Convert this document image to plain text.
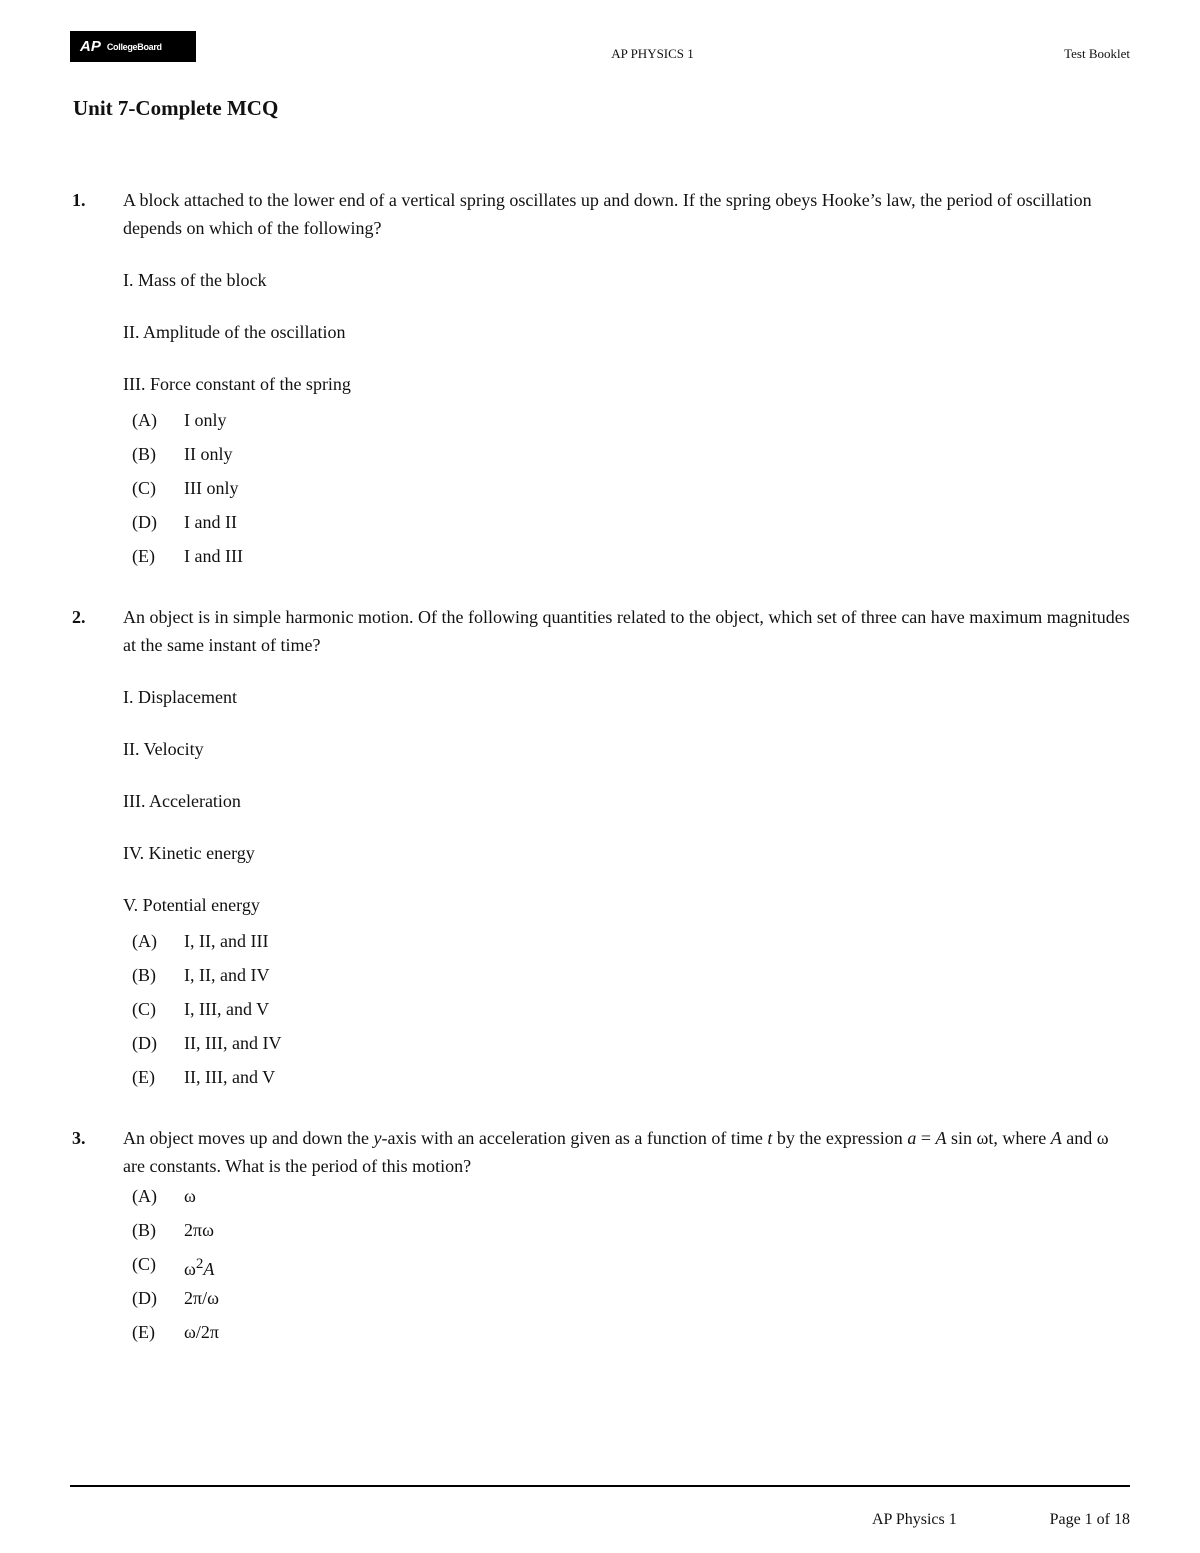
AP CollegeBoard	AP PHYSICS 1	Test Booklet
Unit 7-Complete MCQ
1. A block attached to the lower end of a vertical spring oscillates up and down. If the spring obeys Hooke’s law, the period of oscillation depends on which of the following?
I. Mass of the block
II. Amplitude of the oscillation
III. Force constant of the spring
(A)	I only
(B)	II only
(C)	III only
(D)	I and II
(E)	I and III
2. An object is in simple harmonic motion. Of the following quantities related to the object, which set of three can have maximum magnitudes at the same instant of time?
I. Displacement
II. Velocity
III. Acceleration
IV. Kinetic energy
V. Potential energy
(A)	I, II, and III
(B)	I, II, and IV
(C)	I, III, and V
(D)	II, III, and IV
(E)	II, III, and V
3. An object moves up and down the y-axis with an acceleration given as a function of time t by the expression a = A sin ωt, where A and ω are constants. What is the period of this motion?
(A)	ω
(B)	2πω
(C)	$\omega^2A$
(D)	2π/ω
(E)	ω/2π
AP Physics 1	Page 1 of 18
